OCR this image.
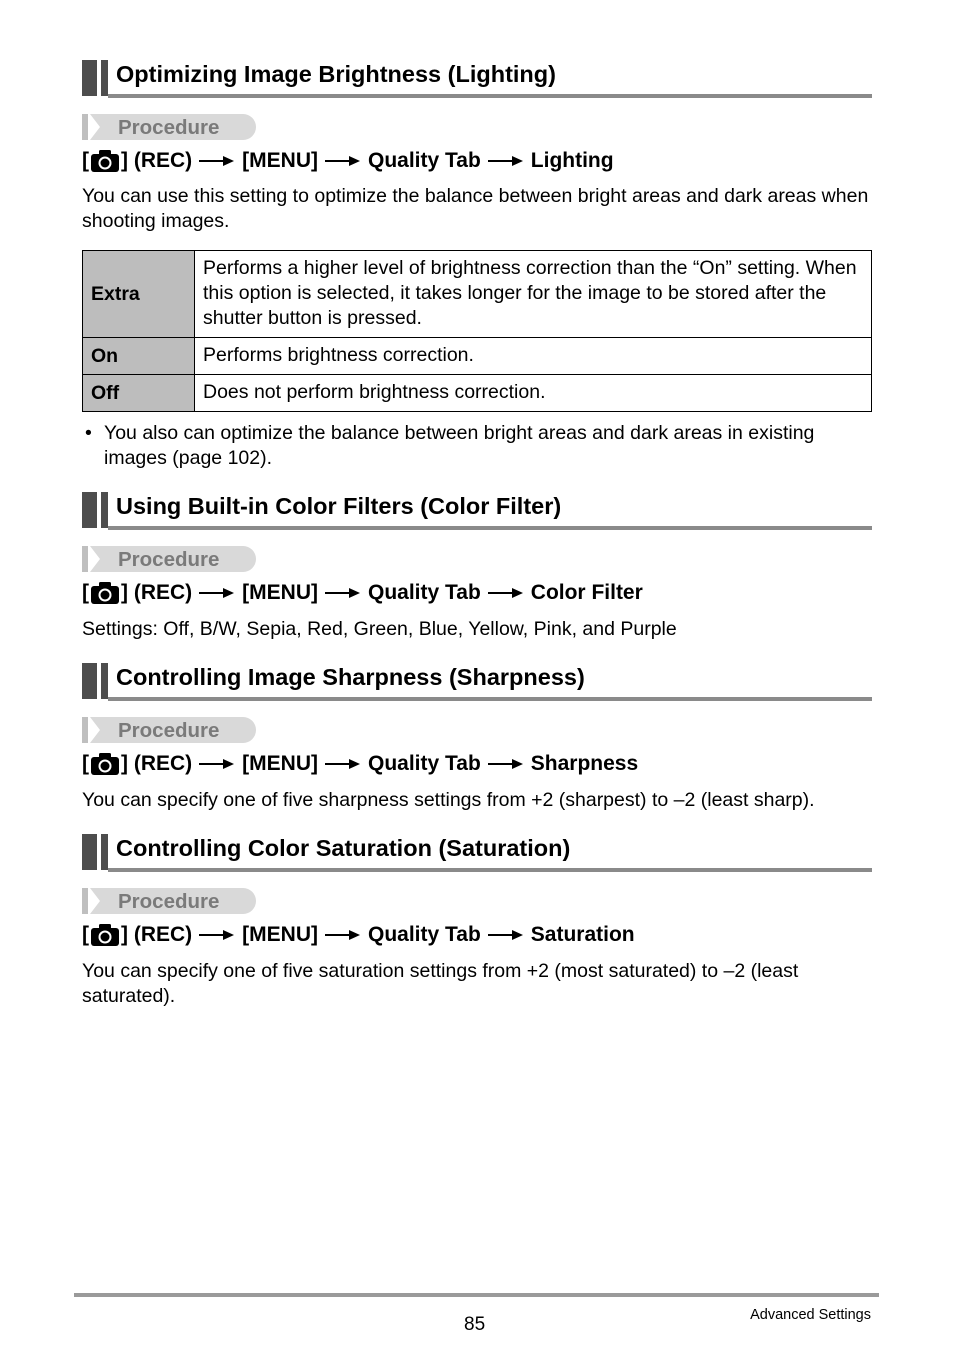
Optimizing Image Brightness (Lighting)
Procedure
[ ] (REC) [MENU] Quality Tab Lighting
You can use this setting to optimize the balance between bright areas and dark areas when shooting images.
Extra	Performs a higher level of brightness correction than the “On” setting. When this option is selected, it takes longer for the image to be stored after the shutter button is pressed.
On	Performs brightness correction.
Off	Does not perform brightness correction.
• You also can optimize the balance between bright areas and dark areas in existing images (page 102).
Using Built-in Color Filters (Color Filter)
Procedure
[ ] (REC) [MENU] Quality Tab Color Filter
Settings: Off, B/W, Sepia, Red, Green, Blue, Yellow, Pink, and Purple
Controlling Image Sharpness (Sharpness)
Procedure
[ ] (REC) [MENU] Quality Tab Sharpness
You can specify one of five sharpness settings from +2 (sharpest) to –2 (least sharp).
Controlling Color Saturation (Saturation)
Procedure
[ ] (REC) [MENU] Quality Tab Saturation
You can specify one of five saturation settings from +2 (most saturated) to –2 (least saturated).
85	Advanced Settings
